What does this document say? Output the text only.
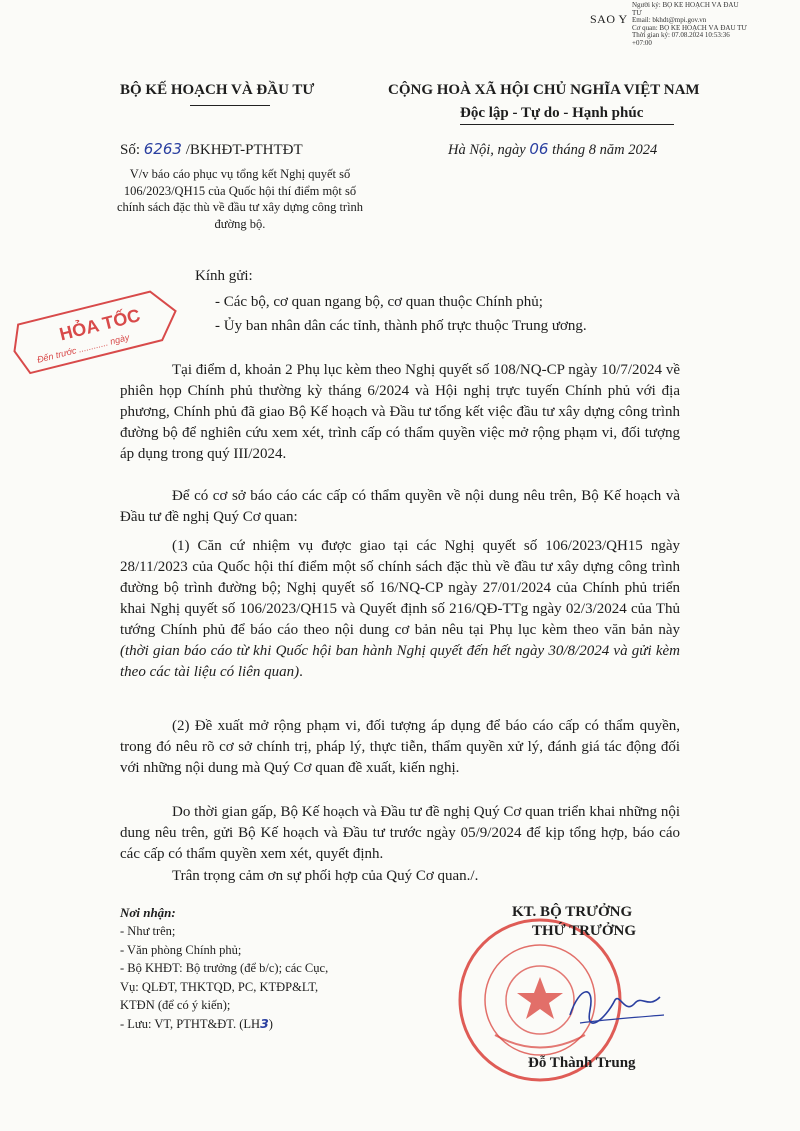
SAO Y
Người ký: BỘ KẾ HOẠCH VÀ ĐẦU
TƯ
Email: bkhdt@mpi.gov.vn
Cơ quan: BỘ KẾ HOẠCH VÀ ĐẦU TƯ
Thời gian ký: 07.08.2024 10:53:36
+07:00
BỘ KẾ HOẠCH VÀ ĐẦU TƯ	CỘNG HOÀ XÃ HỘI CHỦ NGHĨA VIỆT NAM
Độc lập - Tự do - Hạnh phúc
Số: 6263 /BKHĐT-PTHTĐT	Hà Nội, ngày 06 tháng 8 năm 2024
V/v báo cáo phục vụ tổng kết Nghị quyết số 106/2023/QH15 của Quốc hội thí điểm một số chính sách đặc thù về đầu tư xây dựng công trình đường bộ.
HỎA TỐC
Đến trước ............ ngày
Kính gửi:
- Các bộ, cơ quan ngang bộ, cơ quan thuộc Chính phủ;
- Ủy ban nhân dân các tỉnh, thành phố trực thuộc Trung ương.

Tại điểm d, khoản 2 Phụ lục kèm theo Nghị quyết số 108/NQ-CP ngày 10/7/2024 về phiên họp Chính phủ thường kỳ tháng 6/2024 và Hội nghị trực tuyến Chính phủ với địa phương, Chính phủ đã giao Bộ Kế hoạch và Đầu tư tổng kết việc đầu tư xây dựng công trình đường bộ để nghiên cứu xem xét, trình cấp có thẩm quyền việc mở rộng phạm vi, đối tượng áp dụng trong quý III/2024.

Để có cơ sở báo cáo các cấp có thẩm quyền về nội dung nêu trên, Bộ Kế hoạch và Đầu tư đề nghị Quý Cơ quan:

(1) Căn cứ nhiệm vụ được giao tại các Nghị quyết số 106/2023/QH15 ngày 28/11/2023 của Quốc hội thí điểm một số chính sách đặc thù về đầu tư xây dựng công trình đường bộ trình đường bộ; Nghị quyết số 16/NQ-CP ngày 27/01/2024 của Chính phủ triển khai Nghị quyết số 106/2023/QH15 và Quyết định số 216/QĐ-TTg ngày 02/3/2024 của Thủ tướng Chính phủ để báo cáo theo nội dung cơ bản nêu tại Phụ lục kèm theo văn bản này (thời gian báo cáo từ khi Quốc hội ban hành Nghị quyết đến hết ngày 30/8/2024 và gửi kèm theo các tài liệu có liên quan).

(2) Đề xuất mở rộng phạm vi, đối tượng áp dụng để báo cáo cấp có thẩm quyền, trong đó nêu rõ cơ sở chính trị, pháp lý, thực tiễn, thẩm quyền xử lý, đánh giá tác động đối với những nội dung mà Quý Cơ quan đề xuất, kiến nghị.

Do thời gian gấp, Bộ Kế hoạch và Đầu tư đề nghị Quý Cơ quan triển khai những nội dung nêu trên, gửi Bộ Kế hoạch và Đầu tư trước ngày 05/9/2024 để kịp tổng hợp, báo cáo các cấp có thẩm quyền xem xét, quyết định.

Trân trọng cảm ơn sự phối hợp của Quý Cơ quan./.

Nơi nhận:
- Như trên;
- Văn phòng Chính phủ;
- Bộ KHĐT: Bộ trưởng (để b/c); các Cục,
Vụ: QLĐT, THKTQD, PC, KTĐP&LT,
KTĐN (để có ý kiến);
- Lưu: VT, PTHT&ĐT. (LH3)
KT. BỘ TRƯỞNG
THỨ TRƯỞNG
Đỗ Thành Trung
